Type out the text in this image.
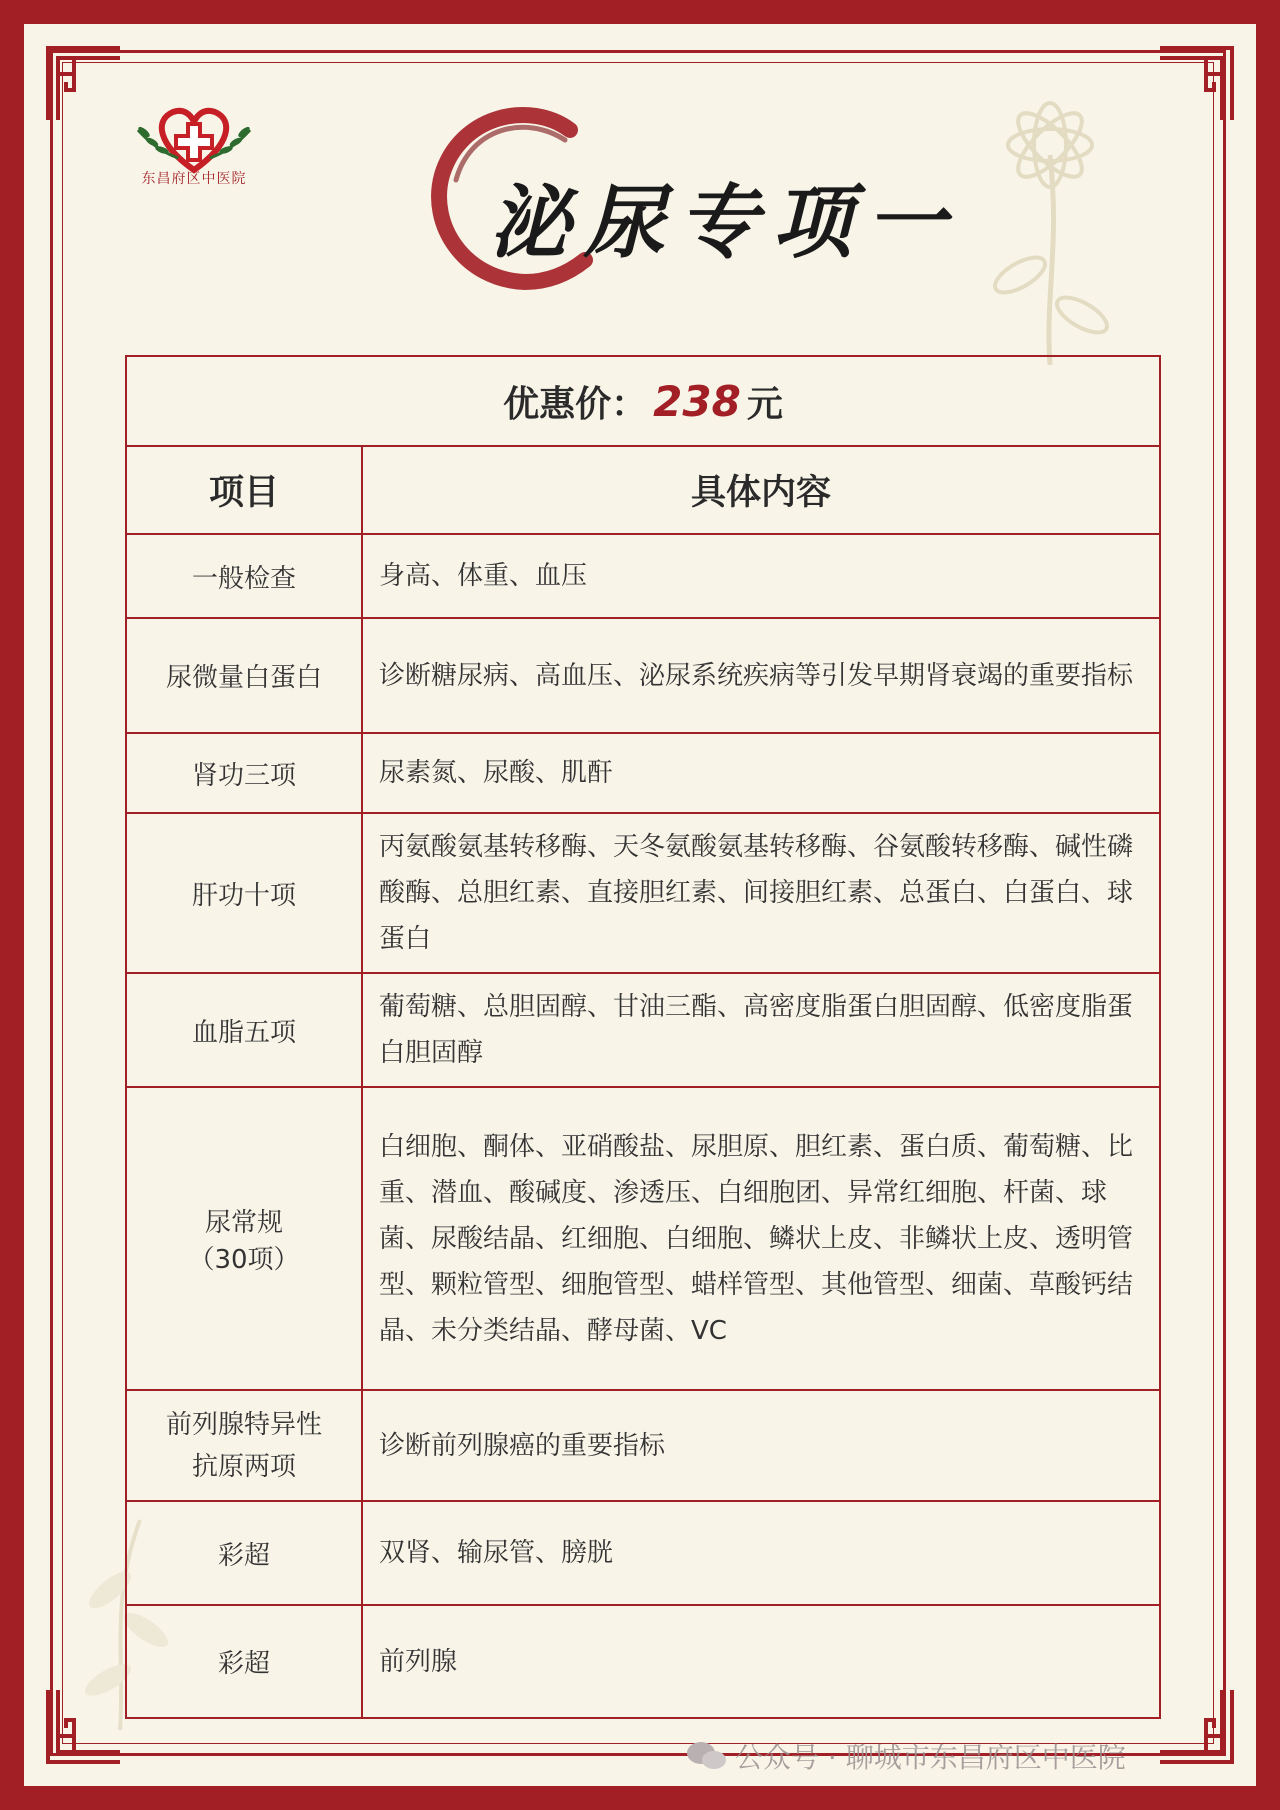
东昌府区中医院	泌尿专项一
优惠价： 238 元	
项目	具体内容
一般检查	身高、体重、血压
尿微量白蛋白	诊断糖尿病、高血压、泌尿系统疾病等引发早期肾衰竭的重要指标
肾功三项	尿素氮、尿酸、肌酐
肝功十项	丙氨酸氨基转移酶、天冬氨酸氨基转移酶、谷氨酸转移酶、碱性磷酸酶、总胆红素、直接胆红素、间接胆红素、总蛋白、白蛋白、球蛋白
血脂五项	葡萄糖、总胆固醇、甘油三酯、高密度脂蛋白胆固醇、低密度脂蛋白胆固醇

尿常规
（30项）	白细胞、酮体、亚硝酸盐、尿胆原、胆红素、蛋白质、葡萄糖、比重、潜血、酸碱度、渗透压、白细胞团、异常红细胞、杆菌、球菌、尿酸结晶、红细胞、白细胞、鳞状上皮、非鳞状上皮、透明管型、颗粒管型、细胞管型、蜡样管型、其他管型、细菌、草酸钙结晶、未分类结晶、酵母菌、VC

前列腺特异性
抗原两项	诊断前列腺癌的重要指标
彩超	双肾、输尿管、膀胱
彩超	前列腺
公众号 · 聊城市东昌府区中医院
